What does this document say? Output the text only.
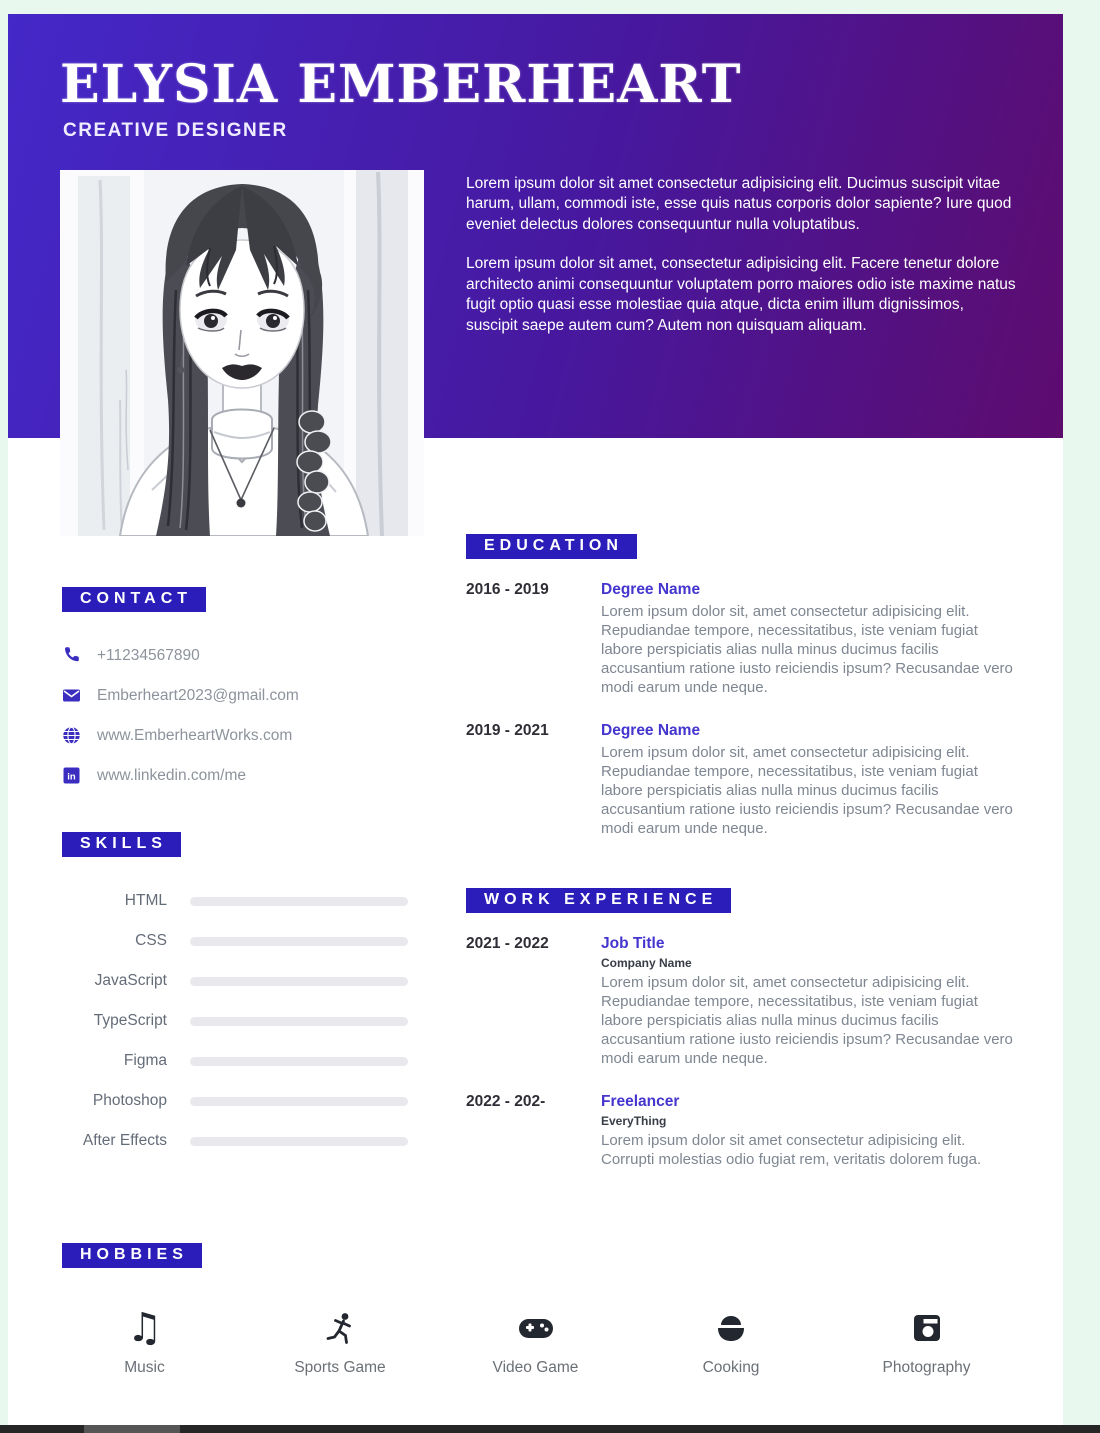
ELYSIA EMBERHEART
CREATIVE DESIGNER

Lorem ipsum dolor sit amet consectetur adipisicing elit. Ducimus suscipit vitae harum, ullam, commodi iste, esse quis natus corporis dolor sapiente? Iure quod eveniet delectus dolores consequuntur nulla voluptatibus.

Lorem ipsum dolor sit amet, consectetur adipisicing elit. Facere tenetur dolore architecto animi consequuntur voluptatem porro maiores odio iste maxime natus fugit optio quasi esse molestiae quia atque, dicta enim illum dignissimos, suscipit saepe autem cum? Autem non quisquam aliquam.

CONTACT
+11234567890
Emberheart2023@gmail.com
www.EmberheartWorks.com
in www.linkedin.com/me
SKILLS
HTML
CSS
JavaScript
TypeScript
Figma
Photoshop
After Effects
EDUCATION
2016 - 2019	Degree Name
Lorem ipsum dolor sit, amet consectetur adipisicing elit. Repudiandae tempore, necessitatibus, iste veniam fugiat labore perspiciatis alias nulla minus ducimus facilis accusantium ratione iusto reiciendis ipsum? Recusandae vero modi earum unde neque.
2019 - 2021	Degree Name
Lorem ipsum dolor sit, amet consectetur adipisicing elit. Repudiandae tempore, necessitatibus, iste veniam fugiat labore perspiciatis alias nulla minus ducimus facilis accusantium ratione iusto reiciendis ipsum? Recusandae vero modi earum unde neque.
WORK EXPERIENCE
2021 - 2022	Job Title
Company Name
Lorem ipsum dolor sit, amet consectetur adipisicing elit. Repudiandae tempore, necessitatibus, iste veniam fugiat labore perspiciatis alias nulla minus ducimus facilis accusantium ratione iusto reiciendis ipsum? Recusandae vero modi earum unde neque.
2022 - 202-	Freelancer
EveryThing
Lorem ipsum dolor sit amet consectetur adipisicing elit. Corrupti molestias odio fugiat rem, veritatis dolorem fuga.
HOBBIES
♫
Music	Sports Game	Video Game	Cooking	Photography
